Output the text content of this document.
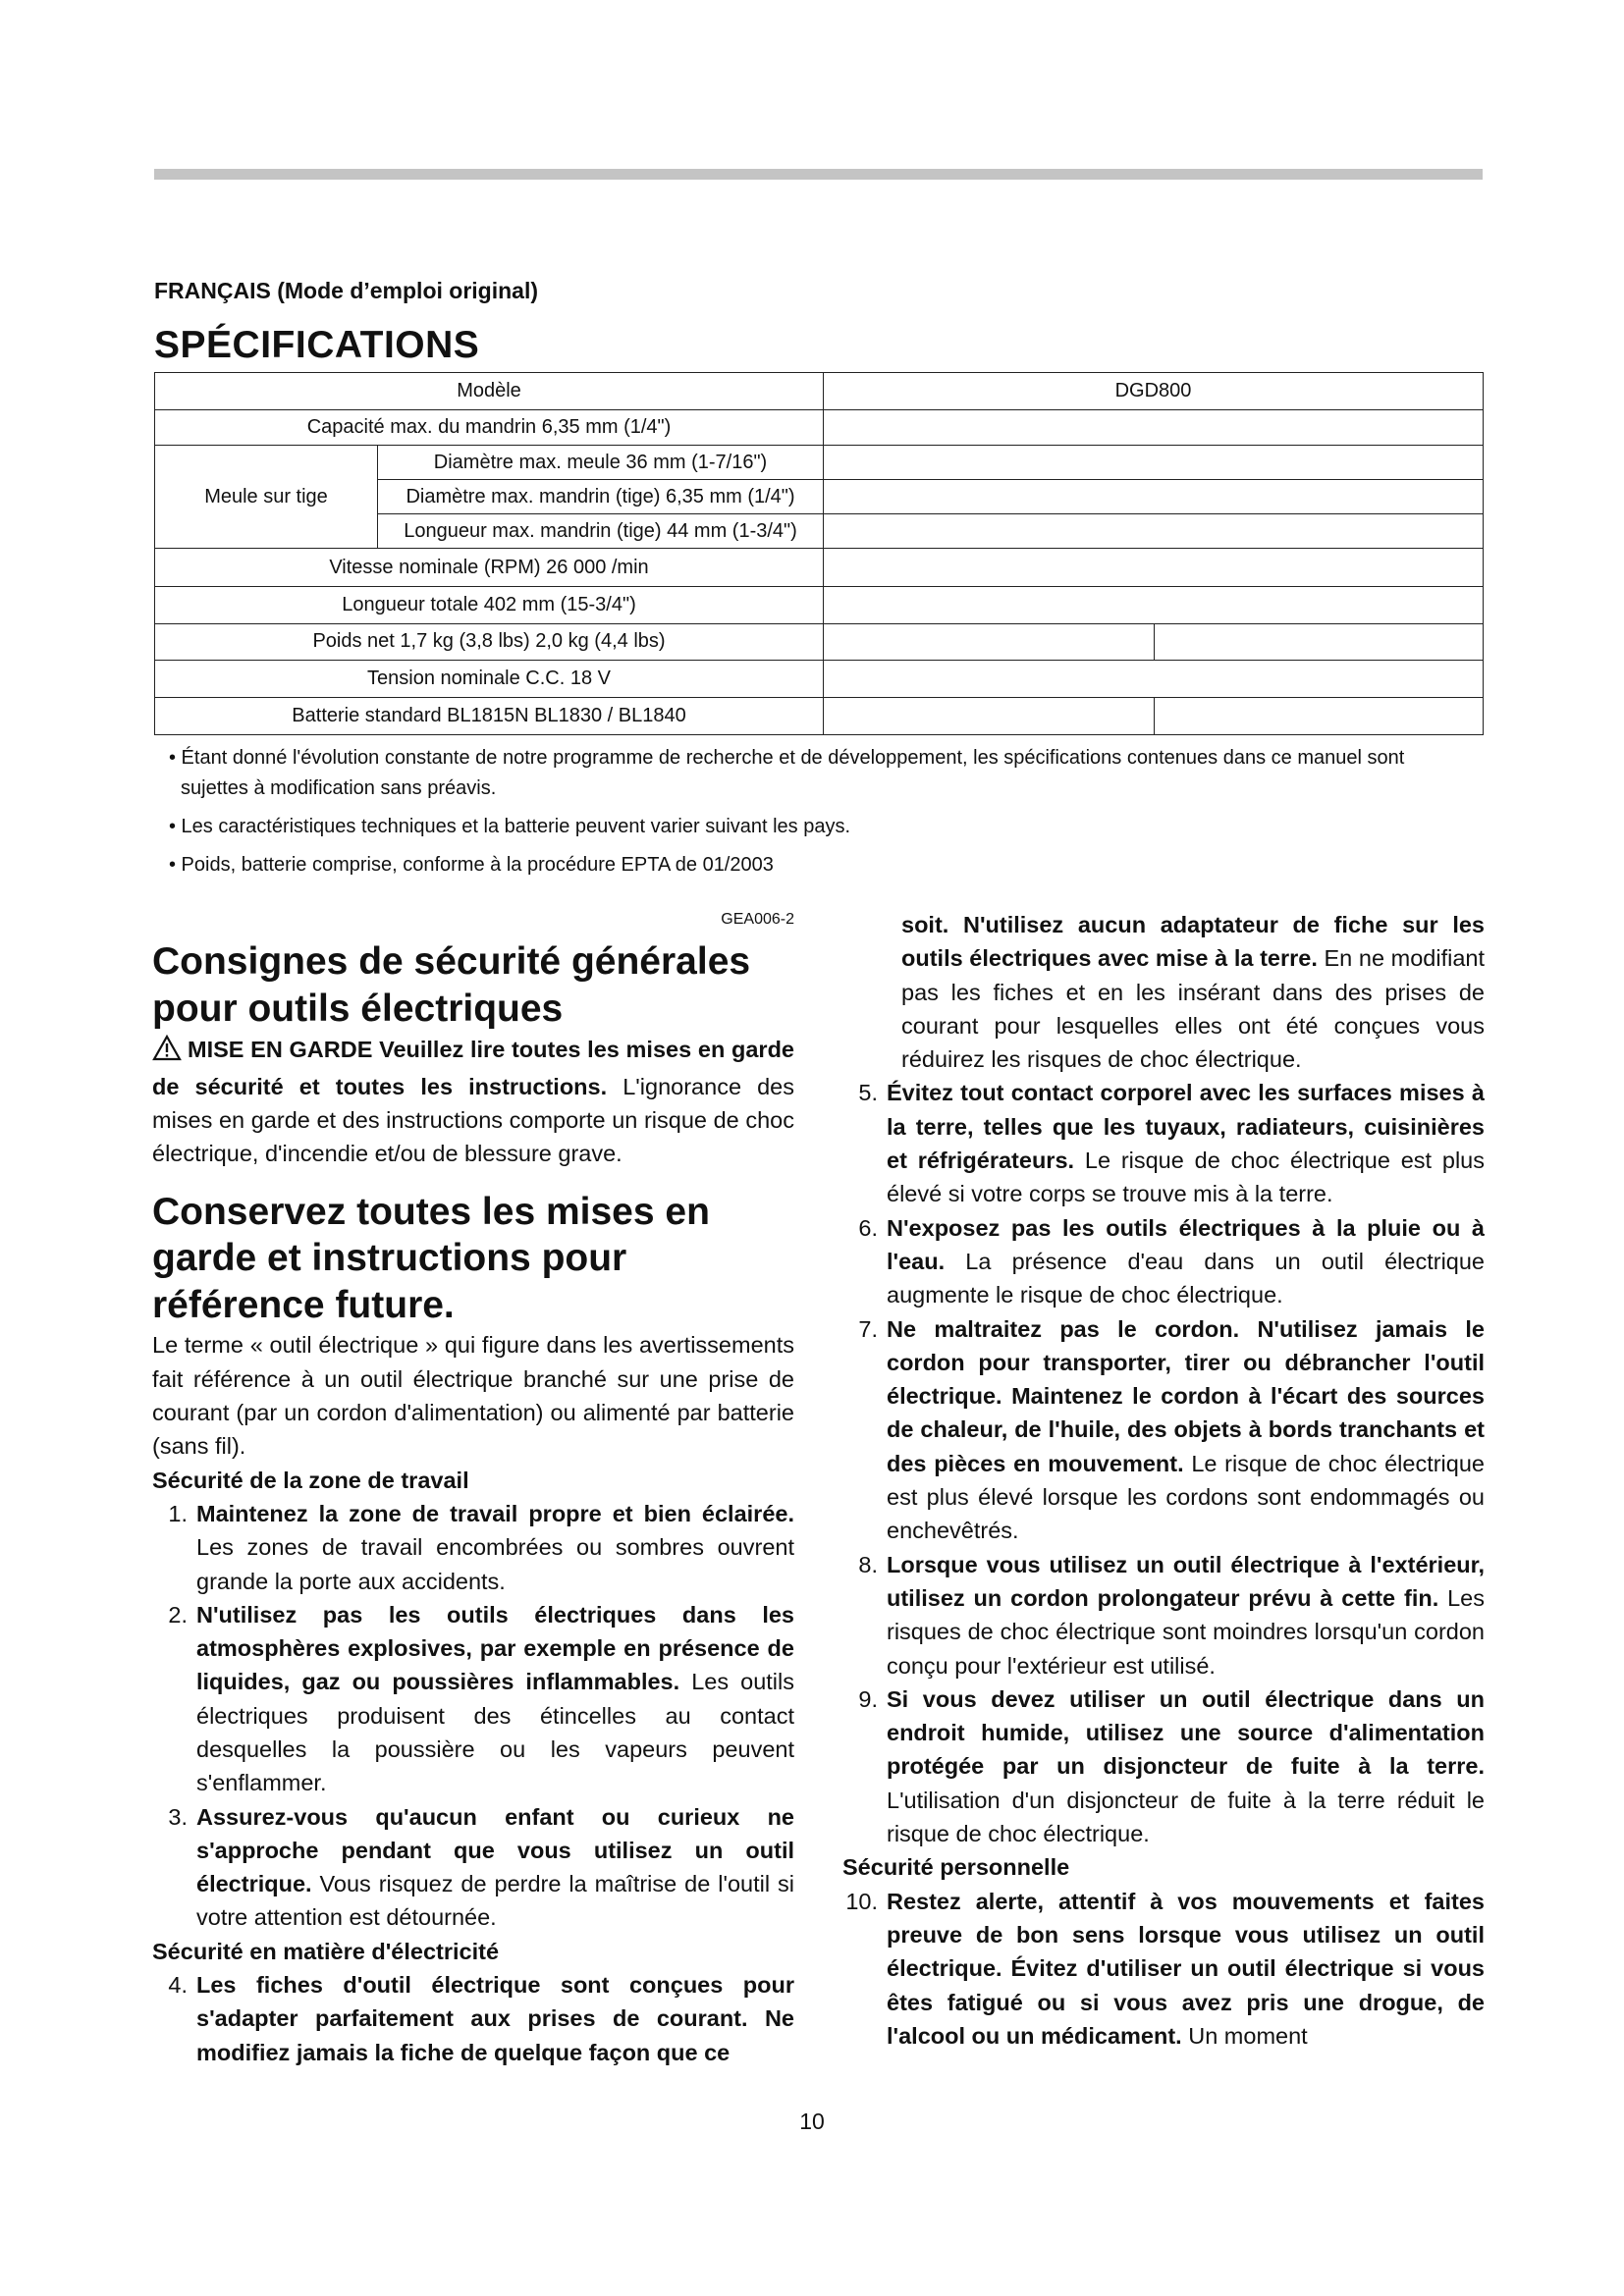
FRANÇAIS (Mode d’emploi original)
SPÉCIFICATIONS
Modèle		DGD800	
Capacité max. du mandrin 6,35 mm (1/4")			
Meule sur tige	Diamètre max. meule 36 mm (1-7/16")		
	Diamètre max. mandrin (tige) 6,35 mm (1/4")		
	Longueur max. mandrin (tige) 44 mm (1-3/4")		
Vitesse nominale (RPM) 26 000 /min			
Longueur totale 402 mm (15-3/4")			
Poids net 1,7 kg (3,8 lbs) 2,0 kg (4,4 lbs)			
Tension nominale C.C. 18 V			
Batterie standard BL1815N BL1830 / BL1840			

• Étant donné l'évolution constante de notre programme de recherche et de développement, les spécifications contenues dans ce manuel sont sujettes à modification sans préavis.

• Les caractéristiques techniques et la batterie peuvent varier suivant les pays.

• Poids, batterie comprise, conforme à la procédure EPTA de 01/2003

GEA006-2

Consignes de sécurité générales pour outils électriques

MISE EN GARDE Veuillez lire toutes les mises en garde de sécurité et toutes les instructions. L'ignorance des mises en garde et des instructions comporte un risque de choc électrique, d'incendie et/ou de blessure grave.

Conservez toutes les mises en garde et instructions pour référence future.

Le terme « outil électrique » qui figure dans les avertissements fait référence à un outil électrique branché sur une prise de courant (par un cordon d'alimentation) ou alimenté par batterie (sans fil).

Sécurité de la zone de travail

1. Maintenez la zone de travail propre et bien éclairée. Les zones de travail encombrées ou sombres ouvrent grande la porte aux accidents.
2. N'utilisez pas les outils électriques dans les atmosphères explosives, par exemple en présence de liquides, gaz ou poussières inflammables. Les outils électriques produisent des étincelles au contact desquelles la poussière ou les vapeurs peuvent s'enflammer.
3. Assurez-vous qu'aucun enfant ou curieux ne s'approche pendant que vous utilisez un outil électrique. Vous risquez de perdre la maîtrise de l'outil si votre attention est détournée.

Sécurité en matière d'électricité

4. Les fiches d'outil électrique sont conçues pour s'adapter parfaitement aux prises de courant. Ne modifiez jamais la fiche de quelque façon que ce

soit. N'utilisez aucun adaptateur de fiche sur les outils électriques avec mise à la terre. En ne modifiant pas les fiches et en les insérant dans des prises de courant pour lesquelles elles ont été conçues vous réduirez les risques de choc électrique.

5. Évitez tout contact corporel avec les surfaces mises à la terre, telles que les tuyaux, radiateurs, cuisinières et réfrigérateurs. Le risque de choc électrique est plus élevé si votre corps se trouve mis à la terre.
6. N'exposez pas les outils électriques à la pluie ou à l'eau. La présence d'eau dans un outil électrique augmente le risque de choc électrique.
7. Ne maltraitez pas le cordon. N'utilisez jamais le cordon pour transporter, tirer ou débrancher l'outil électrique. Maintenez le cordon à l'écart des sources de chaleur, de l'huile, des objets à bords tranchants et des pièces en mouvement. Le risque de choc électrique est plus élevé lorsque les cordons sont endommagés ou enchevêtrés.
8. Lorsque vous utilisez un outil électrique à l'extérieur, utilisez un cordon prolongateur prévu à cette fin. Les risques de choc électrique sont moindres lorsqu'un cordon conçu pour l'extérieur est utilisé.
9. Si vous devez utiliser un outil électrique dans un endroit humide, utilisez une source d'alimentation protégée par un disjoncteur de fuite à la terre. L'utilisation d'un disjoncteur de fuite à la terre réduit le risque de choc électrique.

Sécurité personnelle

10. Restez alerte, attentif à vos mouvements et faites preuve de bon sens lorsque vous utilisez un outil électrique. Évitez d'utiliser un outil électrique si vous êtes fatigué ou si vous avez pris une drogue, de l'alcool ou un médicament. Un moment
10
